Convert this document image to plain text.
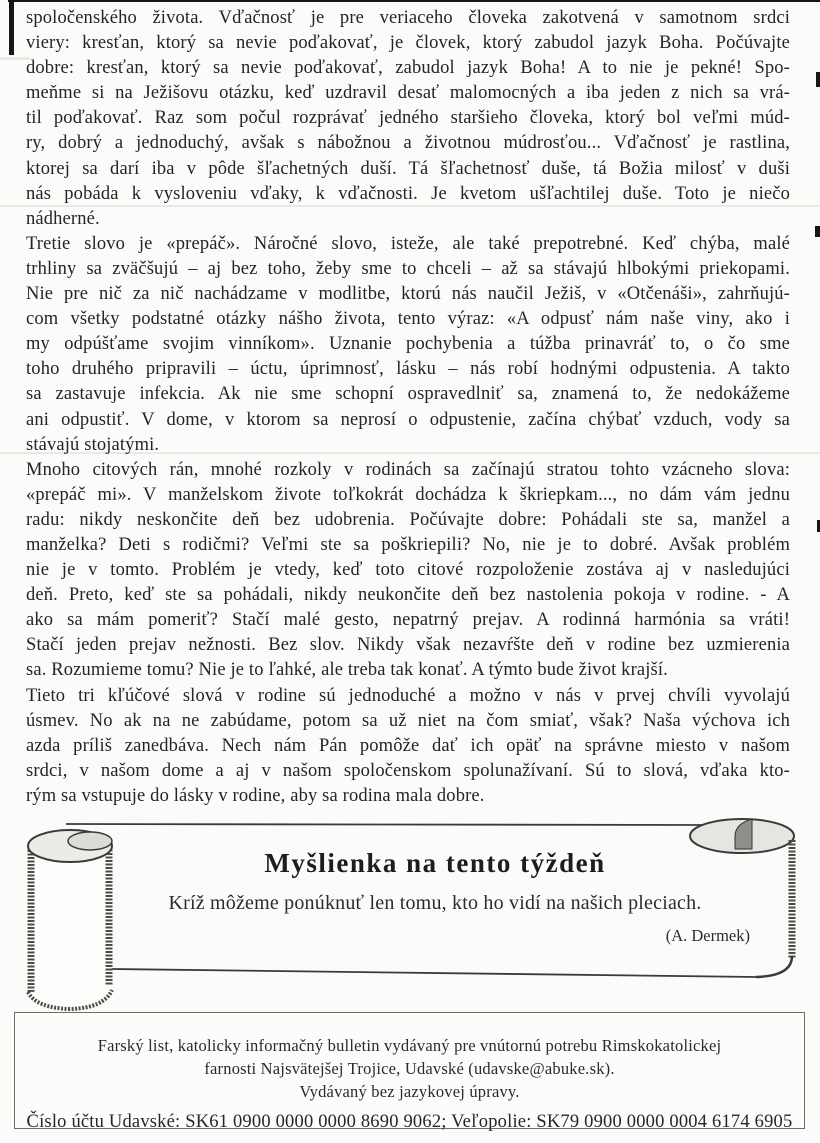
spoločenského života. Vďačnosť je pre veriaceho človeka zakotvená v samotnom srdci
viery: kresťan, ktorý sa nevie poďakovať, je človek, ktorý zabudol jazyk Boha. Počúvajte
dobre: kresťan, ktorý sa nevie poďakovať, zabudol jazyk Boha! A to nie je pekné! Spo-
meňme si na Ježišovu otázku, keď uzdravil desať malomocných a iba jeden z nich sa vrá-
til poďakovať. Raz som počul rozprávať jedného staršieho človeka, ktorý bol veľmi múd-
ry, dobrý a jednoduchý, avšak s nábožnou a životnou múdrosťou... Vďačnosť je rastlina,
ktorej sa darí iba v pôde šľachetných duší. Tá šľachetnosť duše, tá Božia milosť v duši
nás pobáda k vysloveniu vďaky, k vďačnosti. Je kvetom ušľachtilej duše. Toto je niečo
nádherné.
Tretie slovo je «prepáč». Náročné slovo, isteže, ale také prepotrebné. Keď chýba, malé
trhliny sa zväčšujú – aj bez toho, žeby sme to chceli – až sa stávajú hlbokými priekopami.
Nie pre nič za nič nachádzame v modlitbe, ktorú nás naučil Ježiš, v «Otčenáši», zahrňujú-
com všetky podstatné otázky nášho života, tento výraz: «A odpusť nám naše viny, ako i
my odpúšťame svojim vinníkom». Uznanie pochybenia a túžba prinavráť to, o čo sme
toho druhého pripravili – úctu, úprimnosť, lásku – nás robí hodnými odpustenia. A takto
sa zastavuje infekcia. Ak nie sme schopní ospravedlniť sa, znamená to, že nedokážeme
ani odpustiť. V dome, v ktorom sa neprosí o odpustenie, začína chýbať vzduch, vody sa
stávajú stojatými.
Mnoho citových rán, mnohé rozkoly v rodinách sa začínajú stratou tohto vzácneho slova:
«prepáč mi». V manželskom živote toľkokrát dochádza k škriepkam..., no dám vám jednu
radu: nikdy neskončite deň bez udobrenia. Počúvajte dobre: Pohádali ste sa, manžel a
manželka? Deti s rodičmi? Veľmi ste sa poškriepili? No, nie je to dobré. Avšak problém
nie je v tomto. Problém je vtedy, keď toto citové rozpoloženie zostáva aj v nasledujúci
deň. Preto, keď ste sa pohádali, nikdy neukončite deň bez nastolenia pokoja v rodine. - A
ako sa mám pomeriť? Stačí malé gesto, nepatrný prejav. A rodinná harmónia sa vráti!
Stačí jeden prejav nežnosti. Bez slov. Nikdy však nezavŕšte deň v rodine bez uzmierenia
sa. Rozumieme tomu? Nie je to ľahké, ale treba tak konať. A týmto bude život krajší.
Tieto tri kľúčové slová v rodine sú jednoduché a možno v nás v prvej chvíli vyvolajú
úsmev. No ak na ne zabúdame, potom sa už niet na čom smiať, však? Naša výchova ich
azda príliš zanedbáva. Nech nám Pán pomôže dať ich opäť na správne miesto v našom
srdci, v našom dome a aj v našom spoločenskom spolunažívaní. Sú to slová, vďaka kto-
rým sa vstupuje do lásky v rodine, aby sa rodina mala dobre.
Myšlienka na tento týždeň
Kríž môžeme ponúknuť len tomu, kto ho vidí na našich pleciach.
(A. Dermek)
Farský list, katolicky informačný bulletin vydávaný pre vnútornú potrebu Rimskokatolickej
farnosti Najsvätejšej Trojice, Udavské (udavske@abuke.sk).
Vydávaný bez jazykovej úpravy.
Číslo účtu Udavské: SK61 0900 0000 0000 8690 9062; Veľopolie: SK79 0900 0000 0004 6174 6905
